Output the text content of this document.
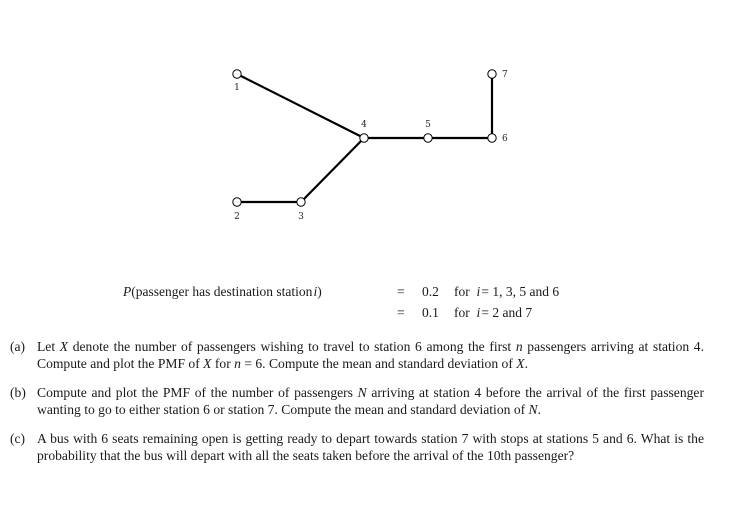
1
2	3
4	5
6
7
P(passenger has destination station i)	= 0.2 for i = 1, 3, 5 and 6
= 0.1 for i = 2 and 7

(a) Let X denote the number of passengers wishing to travel to station 6 among the first n passengers arriving at station 4. Compute and plot the PMF of X for n = 6. Compute the mean and standard deviation of X.

(b) Compute and plot the PMF of the number of passengers N arriving at station 4 before the arrival of the first passenger wanting to go to either station 6 or station 7. Compute the mean and standard deviation of N.

(c) A bus with 6 seats remaining open is getting ready to depart towards station 7 with stops at stations 5 and 6. What is the probability that the bus will depart with all the seats taken before the arrival of the 10th passenger?
